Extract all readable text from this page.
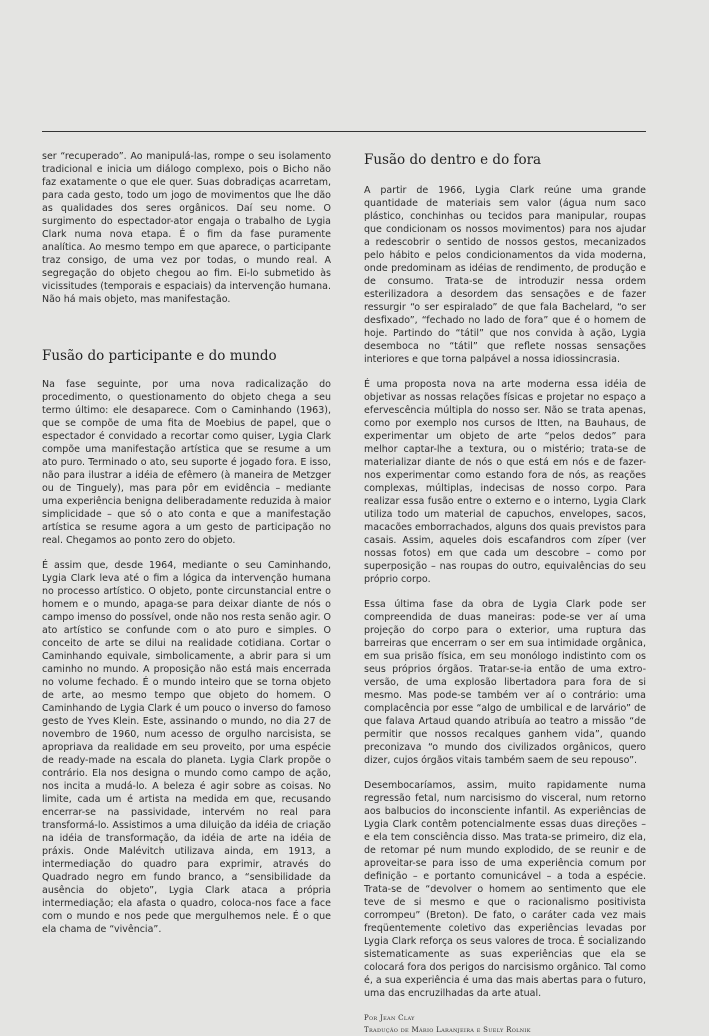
ser “recuperado”. Ao manipulá-las, rompe o seu isolamento tradicional e inicia um diálogo complexo, pois o Bicho não faz exatamente o que ele quer. Suas dobradiças acarretam, para cada gesto, todo um jogo de movimentos que lhe dão as qualidades dos seres orgânicos. Daí seu nome. O surgimento do espectador-ator engaja o trabalho de Lygia Clark numa nova etapa. É o fim da fase puramente analítica. Ao mesmo tempo em que aparece, o participante traz consigo, de uma vez por todas, o mundo real. A segregação do objeto chegou ao fim. Ei-lo submetido às vicissitudes (temporais e espaciais) da intervenção humana. Não há mais objeto, mas manifestação.

Fusão do participante e do mundo

Na fase seguinte, por uma nova radicalização do procedimento, o questionamento do objeto chega a seu termo último: ele desaparece. Com o Caminhando (1963), que se compõe de uma fita de Moebius de papel, que o espectador é convidado a recortar como quiser, Lygia Clark compõe uma manifestação artística que se resume a um ato puro. Terminado o ato, seu suporte é jogado fora. E isso, não para ilustrar a idéia de efêmero (à maneira de Metzger ou de Tinguely), mas para pôr em evidência – mediante uma experiência benigna deliberadamente reduzida à maior simplicidade – que só o ato conta e que a manifestação artística se resume agora a um gesto de participação no real. Chegamos ao ponto zero do objeto.

É assim que, desde 1964, mediante o seu Caminhando, Lygia Clark leva até o fim a lógica da intervenção humana no processo artístico. O objeto, ponte circunstancial entre o homem e o mundo, apaga-se para deixar diante de nós o campo imenso do possível, onde não nos resta senão agir. O ato artístico se confunde com o ato puro e simples. O conceito de arte se dilui na realidade cotidiana. Cortar o Caminhando equivale, simbolicamente, a abrir para si um caminho no mundo. A proposição não está mais encerrada no volume fechado. É o mundo inteiro que se torna objeto de arte, ao mesmo tempo que objeto do homem. O Caminhando de Lygia Clark é um pouco o inverso do famoso gesto de Yves Klein. Este, assinando o mundo, no dia 27 de novembro de 1960, num acesso de orgulho narcisista, se apropriava da realidade em seu proveito, por uma espécie de ready-made na escala do planeta. Lygia Clark propõe o contrário. Ela nos designa o mundo como campo de ação, nos incita a mudá-lo. A beleza é agir sobre as coisas. No limite, cada um é artista na medida em que, recusando encerrar-se na passividade, intervém no real para transformá-lo. Assistimos a uma diluição da idéia de criação na idéia de transformação, da idéia de arte na idéia de práxis. Onde Malévitch utilizava ainda, em 1913, a intermediação do quadro para exprimir, através do Quadrado negro em fundo branco, a “sensibilidade da ausência do objeto”, Lygia Clark ataca a própria intermediação; ela afasta o quadro, coloca-nos face a face com o mundo e nos pede que mergulhemos nele. É o que ela chama de “vivência”.

Fusão do dentro e do fora

A partir de 1966, Lygia Clark reúne uma grande quantidade de materiais sem valor (água num saco plástico, conchinhas ou tecidos para manipular, roupas que condicionam os nossos movimentos) para nos ajudar a redescobrir o sentido de nossos gestos, mecanizados pelo hábito e pelos condicionamentos da vida moderna, onde predominam as idéias de rendimento, de produção e de consumo. Trata-se de introduzir nessa ordem esterilizadora a desordem das sensações e de fazer ressurgir “o ser espiralado” de que fala Bachelard, “o ser desfixado”, “fechado no lado de fora” que é o homem de hoje. Partindo do “tátil” que nos convida à ação, Lygia desemboca no “tátil” que reflete nossas sensações interiores e que torna palpável a nossa idiossincrasia.

É uma proposta nova na arte moderna essa idéia de objetivar as nossas relações físicas e projetar no espaço a efervescência múltipla do nosso ser. Não se trata apenas, como por exemplo nos cursos de Itten, na Bauhaus, de experimentar um objeto de arte “pelos dedos” para melhor captar-lhe a textura, ou o mistério; trata-se de materializar diante de nós o que está em nós e de fazer-nos experimentar como estando fora de nós, as reações complexas, múltiplas, indecisas de nosso corpo. Para realizar essa fusão entre o externo e o interno, Lygia Clark utiliza todo um material de capuchos, envelopes, sacos, macacões emborrachados, alguns dos quais previstos para casais. Assim, aqueles dois escafandros com zíper (ver nossas fotos) em que cada um descobre – como por superposição – nas roupas do outro, equivalências do seu próprio corpo.

Essa última fase da obra de Lygia Clark pode ser compreendida de duas maneiras: pode-se ver aí uma projeção do corpo para o exterior, uma ruptura das barreiras que encerram o ser em sua intimidade orgânica, em sua prisão física, em seu monólogo indistinto com os seus próprios órgãos. Tratar-se-ia então de uma extro-versão, de uma explosão libertadora para fora de si mesmo. Mas pode-se também ver aí o contrário: uma complacência por esse “algo de umbilical e de larvário” de que falava Artaud quando atribuía ao teatro a missão “de permitir que nossos recalques ganhem vida”, quando preconizava “o mundo dos civilizados orgânicos, quero dizer, cujos órgãos vitais também saem de seu repouso”.

Desembocaríamos, assim, muito rapidamente numa regressão fetal, num narcisismo do visceral, num retorno aos balbucios do inconsciente infantil. As experiências de Lygia Clark contêm potencialmente essas duas direções – e ela tem consciência disso. Mas trata-se primeiro, diz ela, de retomar pé num mundo explodido, de se reunir e de aproveitar-se para isso de uma experiência comum por definição – e portanto comunicável – a toda a espécie. Trata-se de “devolver o homem ao sentimento que ele teve de si mesmo e que o racionalismo positivista corrompeu” (Breton). De fato, o caráter cada vez mais freqüentemente coletivo das experiências levadas por Lygia Clark reforça os seus valores de troca. É socializando sistematicamente as suas experiências que ela se colocará fora dos perigos do narcisismo orgânico. Tal como é, a sua experiência é uma das mais abertas para o futuro, uma das encruzilhadas da arte atual.

Por Jean Clay
Tradução de Mário Laranjeira e Suely Rolnik
